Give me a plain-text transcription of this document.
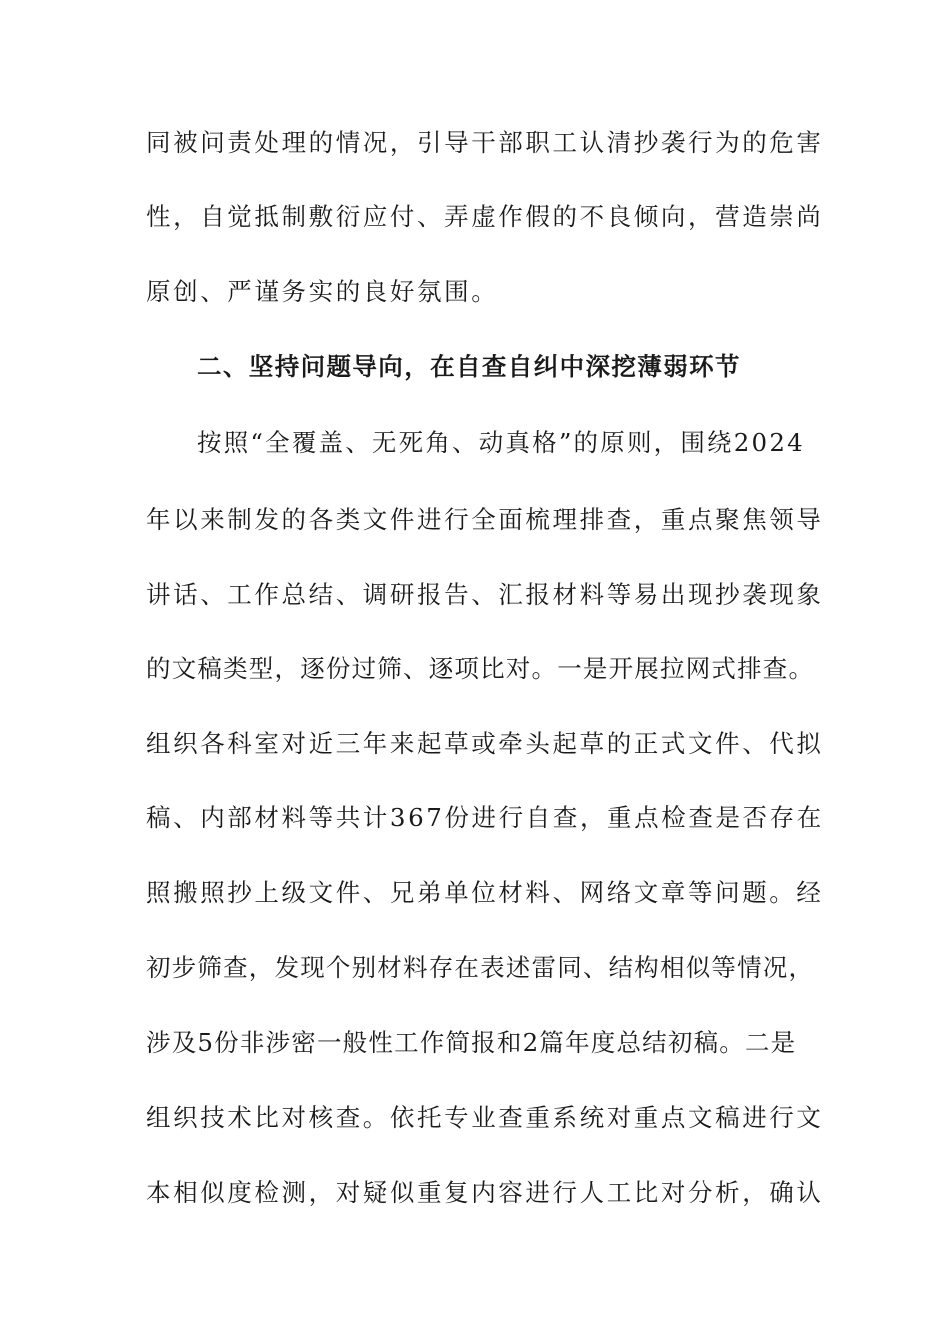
同被问责处理的情况，引导干部职工认清抄袭行为的危害
性，自觉抵制敷衍应付、弄虚作假的不良倾向，营造崇尚
原创、严谨务实的良好氛围。
二、坚持问题导向，在自查自纠中深挖薄弱环节
按照“全覆盖、无死角、动真格”的原则，围绕2024
年以来制发的各类文件进行全面梳理排查，重点聚焦领导
讲话、工作总结、调研报告、汇报材料等易出现抄袭现象
的文稿类型，逐份过筛、逐项比对。一是开展拉网式排查。
组织各科室对近三年来起草或牵头起草的正式文件、代拟
稿、内部材料等共计367份进行自查，重点检查是否存在
照搬照抄上级文件、兄弟单位材料、网络文章等问题。经
初步筛查，发现个别材料存在表述雷同、结构相似等情况，
涉及5份非涉密一般性工作简报和2篇年度总结初稿。二是
组织技术比对核查。依托专业查重系统对重点文稿进行文
本相似度检测，对疑似重复内容进行人工比对分析，确认
